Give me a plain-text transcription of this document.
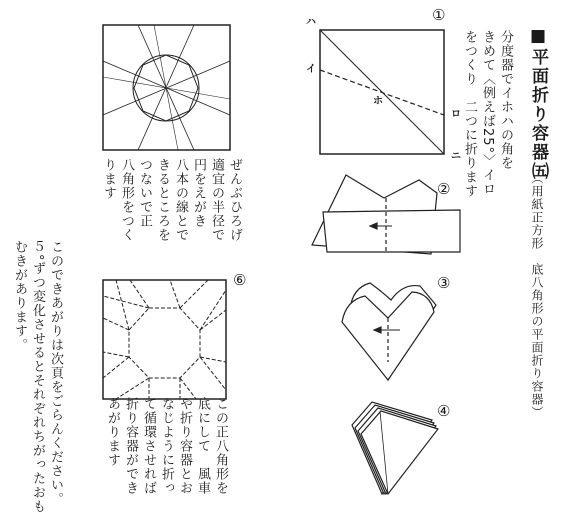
■平面折り容器㈤
（用紙正方形　底八角形の平面折り容器）
分度器でイホハの角を
きめて〈例えば25°〉イロ
をつくり　二つに折ります
ぜんぶひろげ
適宜の半径で
円をえがき
八本の線とで
きるところを
つないで正
八角形をつく
ります
この正八角形を
底にして　風車
や折り容器とお
なじように折っ
て循環させれば
折り容器ができ
あがります
このできあがりは次頁をごらんください。
５°ずつ変化させるとそれぞれちがったおも
むきがあります。
①
②
③
④
⑥
ハ
イ
ホ
ロ
ニ
